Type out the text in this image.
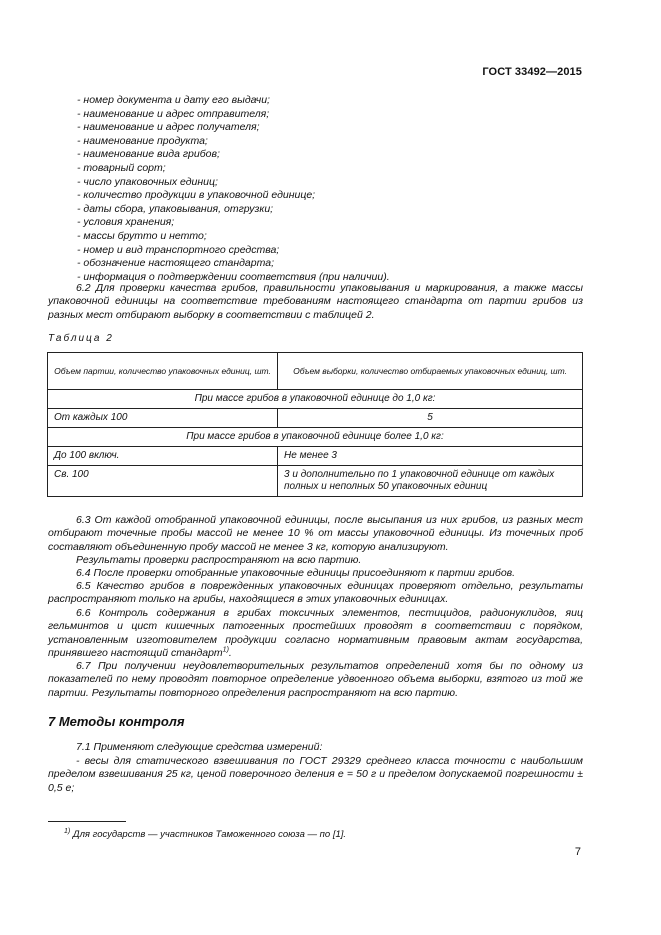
ГОСТ 33492—2015
- номер документа и дату его выдачи;
- наименование и адрес отправителя;
- наименование и адрес получателя;
- наименование продукта;
- наименование вида грибов;
- товарный сорт;
- число упаковочных единиц;
- количество продукции в упаковочной единице;
- даты сбора, упаковывания, отгрузки;
- условия хранения;
- массы брутто и нетто;
- номер и вид транспортного средства;
- обозначение настоящего стандарта;
- информация о подтверждении соответствия (при наличии).

6.2 Для проверки качества грибов, правильности упаковывания и маркирования, а также массы упаковочной единицы на соответствие требованиям настоящего стандарта от партии грибов из разных мест отбирают выборку в соответствии с таблицей 2.

Таблица 2
Объем партии, количество упаковочных единиц, шт.	Объем выборки, количество отбираемых упаковочных единиц, шт.
При массе грибов в упаковочной единице до 1,0 кг:	
От каждых 100	5
При массе грибов в упаковочной единице более 1,0 кг:	
До 100 включ.	Не менее 3
Св. 100	3 и дополнительно по 1 упаковочной единице от каждых полных и неполных 50 упаковочных единиц

6.3 От каждой отобранной упаковочной единицы, после высыпания из них грибов, из разных мест отбирают точечные пробы массой не менее 10 % от массы упаковочной единицы. Из точечных проб составляют объединенную пробу массой не менее 3 кг, которую анализируют.

Результаты проверки распространяют на всю партию.

6.4 После проверки отобранные упаковочные единицы присоединяют к партии грибов.

6.5 Качество грибов в поврежденных упаковочных единицах проверяют отдельно, результаты распространяют только на грибы, находящиеся в этих упаковочных единицах.

6.6 Контроль содержания в грибах токсичных элементов, пестицидов, радионуклидов, яиц гельминтов и цист кишечных патогенных простейших проводят в соответствии с порядком, установленным изготовителем продукции согласно нормативным правовым актам государства, принявшего настоящий стандарт$^{1)}$.

6.7 При получении неудовлетворительных результатов определений хотя бы по одному из показателей по нему проводят повторное определение удвоенного объема выборки, взятого из той же партии. Результаты повторного определения распространяют на всю партию.

7 Методы контроля

7.1 Применяют следующие средства измерений:

- весы для статического взвешивания по ГОСТ 29329 среднего класса точности с наибольшим пределом взвешивания 25 кг, ценой поверочного деления е = 50 г и пределом допускаемой погрешности ± 0,5 е;

$^{1)}$ Для государств — участников Таможенного союза — по [1].
7
